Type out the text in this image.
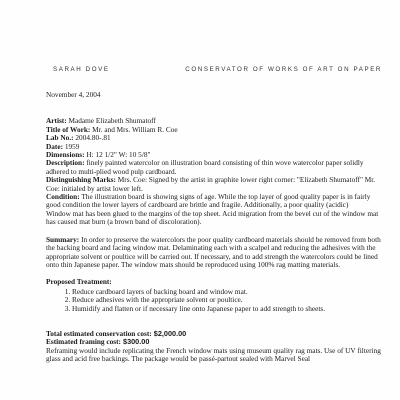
SARAH DOVE	CONSERVATOR OF WORKS OF ART ON PAPER

November 4, 2004

Artist: Madame Elizabeth Shumatoff

Title of Work: Mr. and Mrs. William R. Coe

Lab No.: 2004.80-.81

Date: 1959

Dimensions: H: 12 1/2" W: 10 5/8"

Description: finely painted watercolor on illustration board consisting of thin wove watercolor paper solidly adhered to multi-plied wood pulp cardboard.

Distinguishing Marks: Mrs. Coe: Signed by the artist in graphite lower right corner: "Elizabeth Shumatoff" Mr. Coe: initialed by artist lower left.

Condition: The illustration board is showing signs of age. While the top layer of good quality paper is in fairly good condition the lower layers of cardboard are brittle and fragile. Additionally, a poor quality (acidic)

Window mat has been glued to the margins of the top sheet. Acid migration from the bevel cut of the window mat has caused mat burn (a brown band of discoloration).

Summary: In order to preserve the watercolors the poor quality cardboard materials should be removed from both the backing board and facing window mat. Delaminating each with a scalpel and reducing the adhesives with the appropriate solvent or poultice will be carried out. If necessary, and to add strength the watercolors could be lined onto thin Japanese paper. The window mats should be reproduced using 100% rag matting materials.

Proposed Treatment:

1. Reduce cardboard layers of backing board and window mat.
2. Reduce adhesives with the appropriate solvent or poultice.
3. Humidify and flatten or if necessary line onto Japanese paper to add strength to sheets.

Total estimated conservation cost: $2,000.00

Estimated framing cost: $300.00

Reframing would include replicating the French window mats using museum quality rag mats. Use of UV filtering glass and acid free backings. The package would be passé-partout sealed with Marvel Seal
